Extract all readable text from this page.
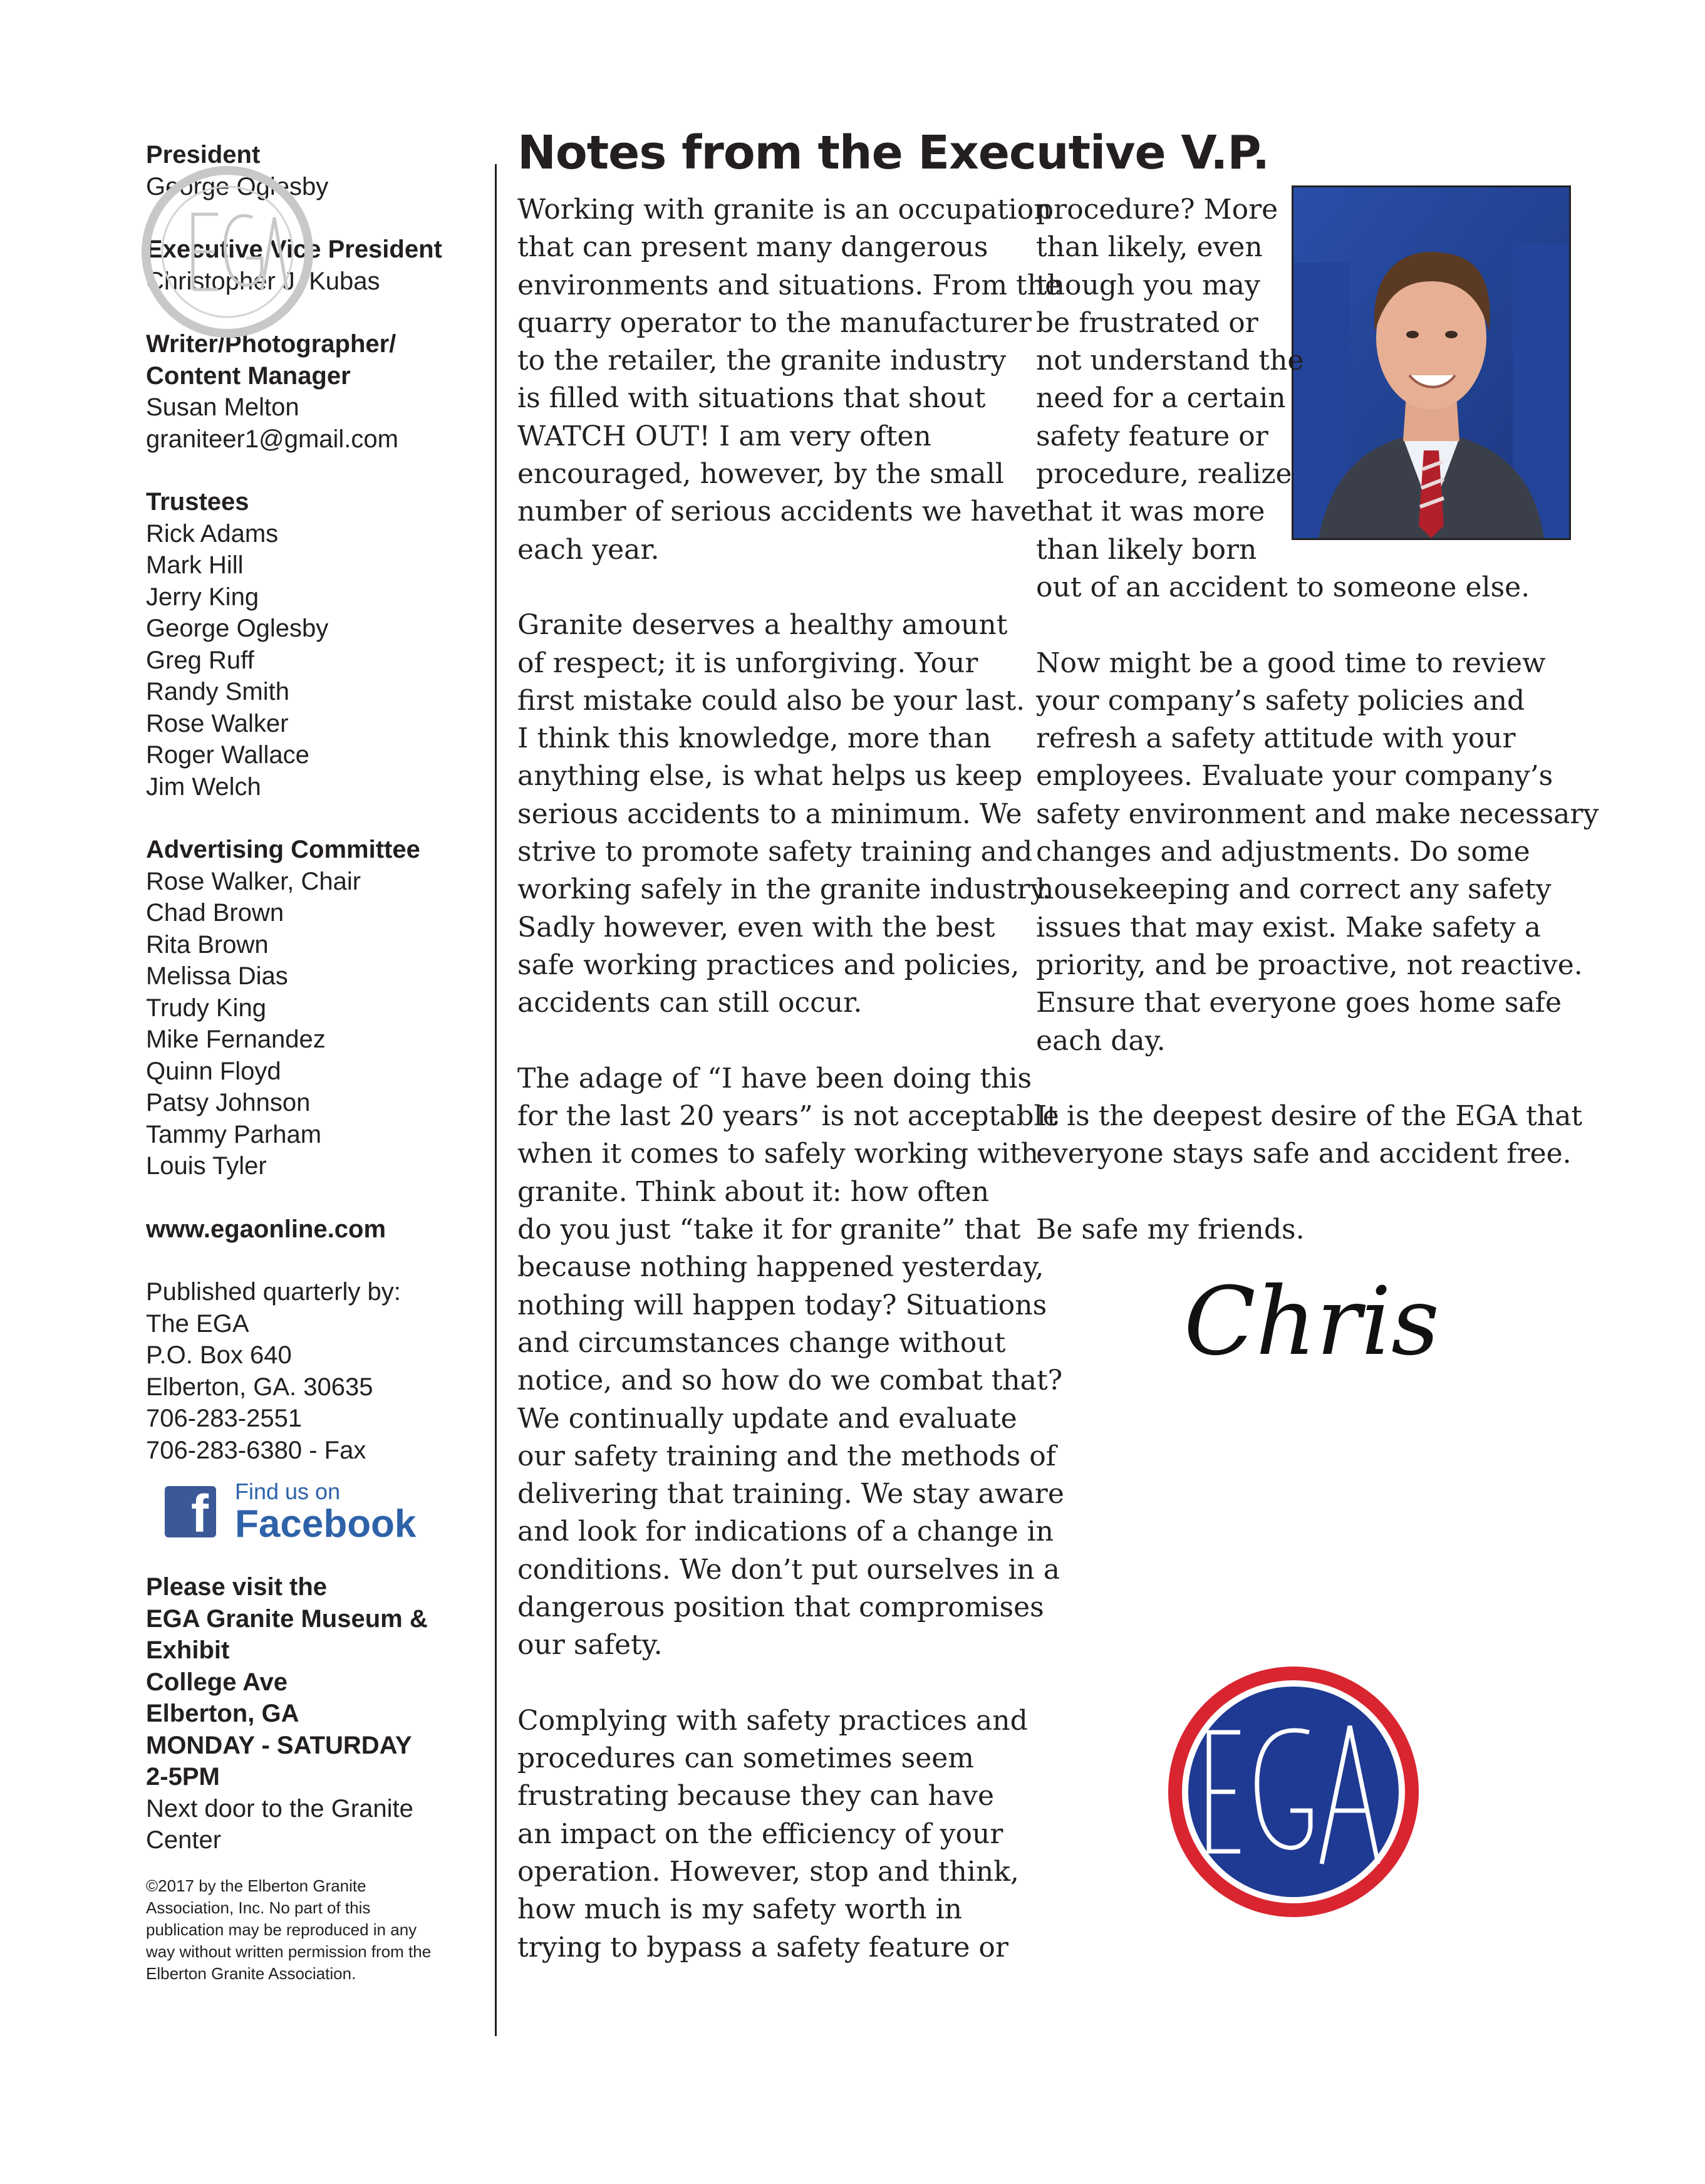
President
George Oglesby
Executive Vice President
Christopher J. Kubas
Writer/Photographer/
Content Manager
Susan Melton
graniteer1@gmail.com
Trustees
Rick Adams
Mark Hill
Jerry King
George Oglesby
Greg Ruff
Randy Smith
Rose Walker
Roger Wallace
Jim Welch
Advertising Committee
Rose Walker, Chair
Chad Brown
Rita Brown
Melissa Dias
Trudy King
Mike Fernandez
Quinn Floyd
Patsy Johnson
Tammy Parham
Louis Tyler
www.egaonline.com
Published quarterly by:
The EGA
P.O. Box 640
Elberton, GA. 30635
706-283-2551
706-283-6380 - Fax
f Find us on
Facebook
Please visit the
EGA Granite Museum &
Exhibit
College Ave
Elberton, GA
MONDAY - SATURDAY
2-5PM
Next door to the Granite
Center
©2017 by the Elberton Granite
Association, Inc. No part of this
publication may be reproduced in any
way without written permission from the
Elberton Granite Association.
Notes from the Executive V.P.

Working with granite is an occupation
that can present many dangerous
environments and situations. From the
quarry operator to the manufacturer
to the retailer, the granite industry
is filled with situations that shout
WATCH OUT! I am very often
encouraged, however, by the small
number of serious accidents we have
each year.

Granite deserves a healthy amount
of respect; it is unforgiving. Your
first mistake could also be your last.
I think this knowledge, more than
anything else, is what helps us keep
serious accidents to a minimum. We
strive to promote safety training and
working safely in the granite industry.
Sadly however, even with the best
safe working practices and policies,
accidents can still occur.

The adage of “I have been doing this
for the last 20 years” is not acceptable
when it comes to safely working with
granite. Think about it: how often
do you just “take it for granite” that
because nothing happened yesterday,
nothing will happen today? Situations
and circumstances change without
notice, and so how do we combat that?
We continually update and evaluate
our safety training and the methods of
delivering that training. We stay aware
and look for indications of a change in
conditions. We don’t put ourselves in a
dangerous position that compromises
our safety.

Complying with safety practices and
procedures can sometimes seem
frustrating because they can have
an impact on the efficiency of your
operation. However, stop and think,
how much is my safety worth in
trying to bypass a safety feature or

procedure? More
than likely, even
though you may
be frustrated or
not understand the
need for a certain
safety feature or
procedure, realize
that it was more
than likely born
out of an accident to someone else.

Now might be a good time to review
your company’s safety policies and
refresh a safety attitude with your
employees. Evaluate your company’s
safety environment and make necessary
changes and adjustments. Do some
housekeeping and correct any safety
issues that may exist. Make safety a
priority, and be proactive, not reactive.
Ensure that everyone goes home safe
each day.

It is the deepest desire of the EGA that
everyone stays safe and accident free.

Be safe my friends.

Chris
